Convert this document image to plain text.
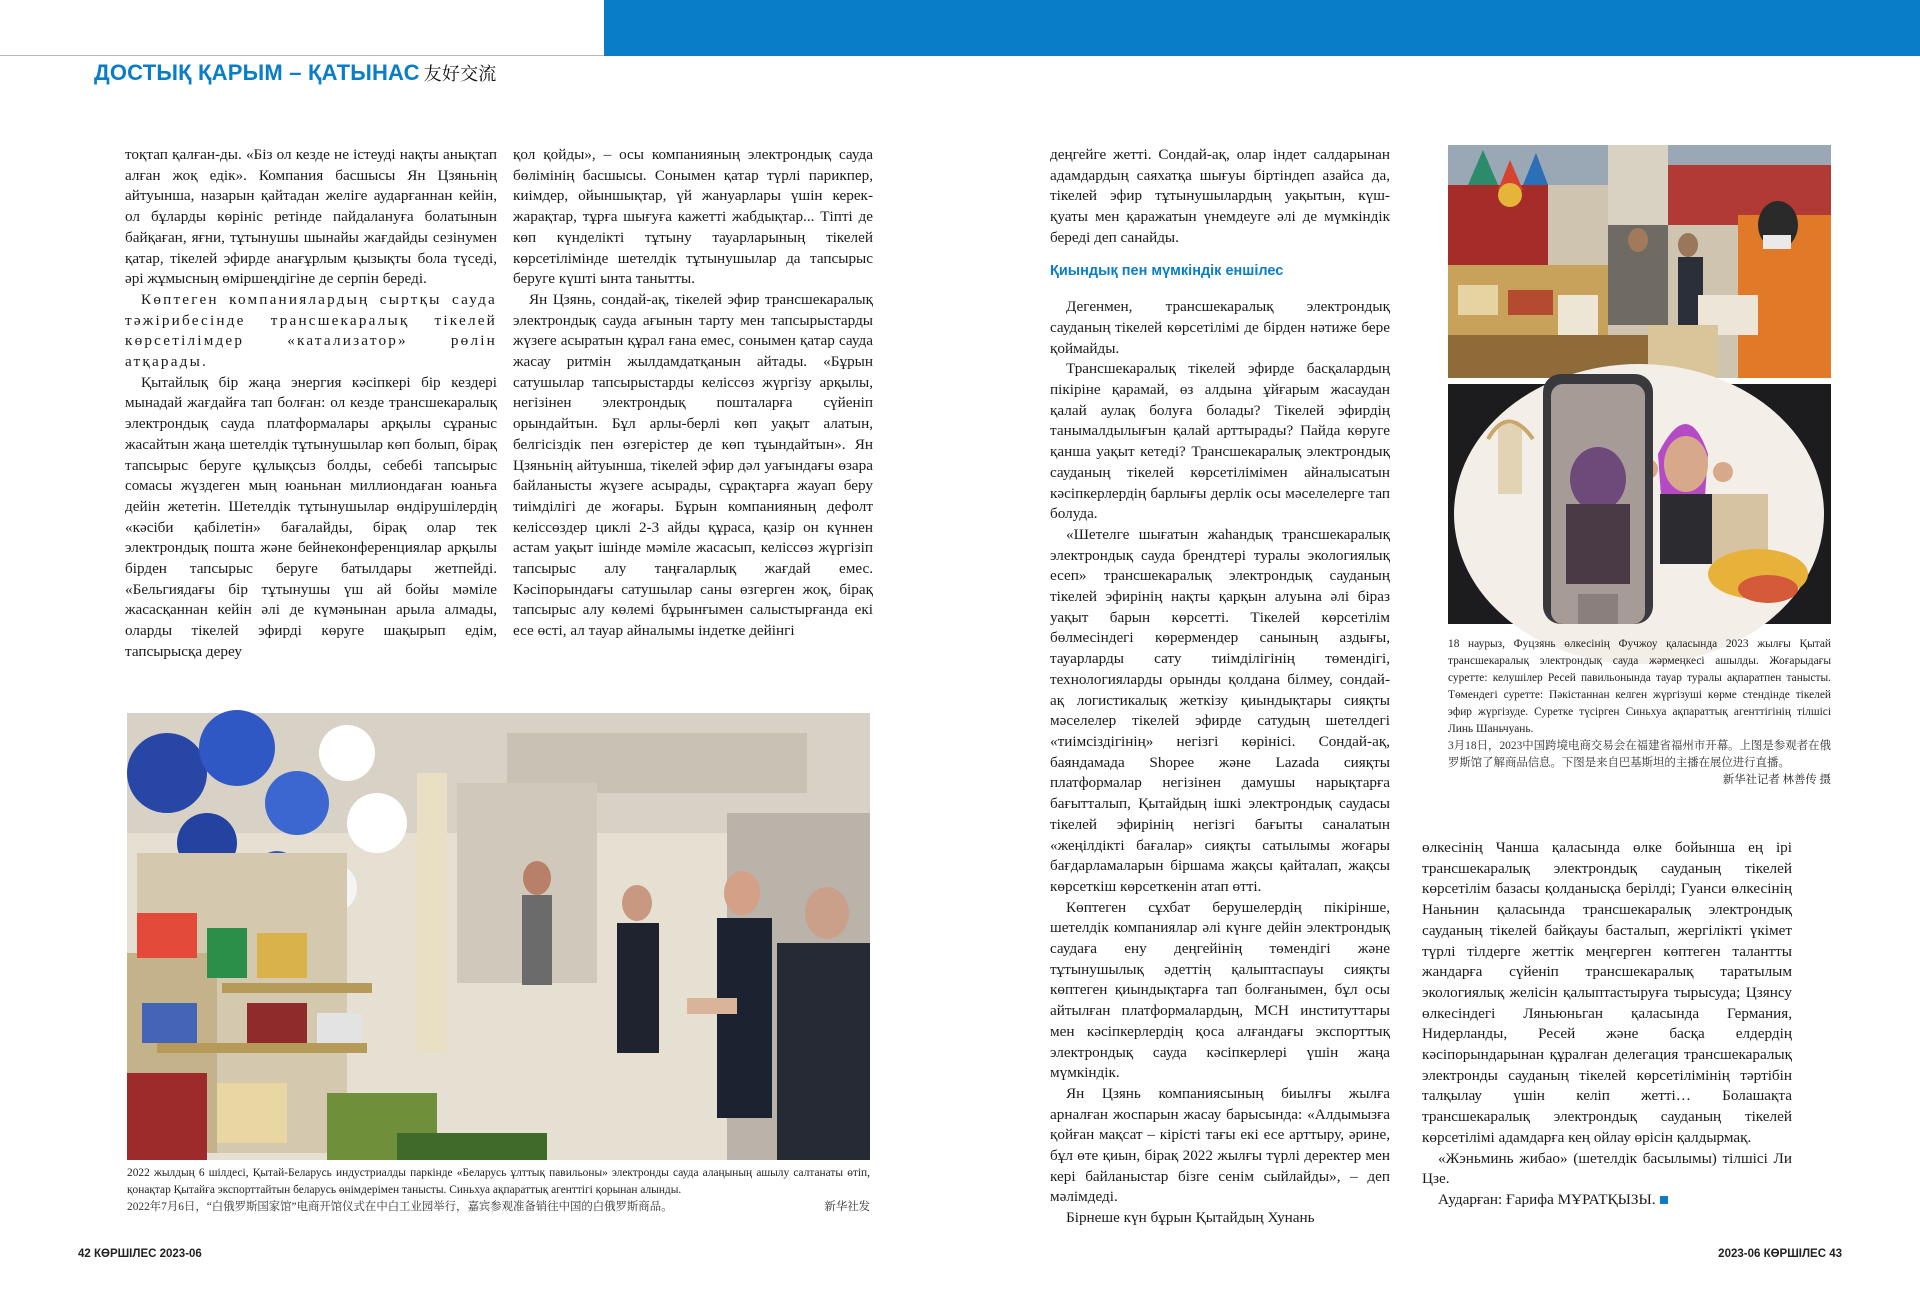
ДОСТЫҚ ҚАРЫМ – ҚАТЫНАС 友好交流

тоқтап қалған-ды. «Біз ол кезде не істеуді нақты анықтап алған жоқ едік». Компания басшысы Ян Цзяньнің айтуынша, назарын қайтадан желіге аударғаннан кейін, ол бұларды көрініс ретінде пайдалануға болатынын байқаған, яғни, тұтынушы шынайы жағдайды сезінумен қатар, тікелей эфирде анағұрлым қызықты бола түседі, әрі жұмысның өміршеңдігіне де серпін береді.

Көптеген компаниялардың сыртқы сауда тәжірибесінде трансшекаралық тікелей көрсетілімдер «катализатор» рөлін атқарады.

Қытайлық бір жаңа энергия кәсіпкері бір кездері мынадай жағдайға тап болған: ол кезде трансшекаралық электрондық сауда платформалары арқылы сұраныс жасайтын жаңа шетелдік тұтынушылар көп болып, бірақ тапсырыс беруге құлықсыз болды, себебі тапсырыс сомасы жүздеген мың юаньнан миллиондаған юаньға дейін жететін. Шетелдік тұтынушылар өндірушілердің «кәсіби қабілетін» бағалайды, бірақ олар тек электрондық пошта және бейнеконференциялар арқылы бірден тапсырыс беруге батылдары жетпейді. «Бельгиядағы бір тұтынушы үш ай бойы мәміле жасасқаннан кейін әлі де күмәнынан арыла алмады, оларды тікелей эфирді көруге шақырып едім, тапсырысқа дереу

қол қойды», – осы компанияның электрондық сауда бөлімінің басшысы. Сонымен қатар түрлі парикпер, киімдер, ойыншықтар, үй жануарлары үшін керек-жарақтар, тұрға шығуға кажетті жабдықтар... Тіпті де көп күнделікті тұтыну тауарларының тікелей көрсетілімінде шетелдік тұтынушылар да тапсырыс беруге күшті ынта танытты.

Ян Цзянь, сондай-ақ, тікелей эфир трансшекаралық электрондық сауда ағынын тарту мен тапсырыстарды жүзеге асыратын құрал ғана емес, сонымен қатар сауда жасау ритмін жылдамдатқанын айтады. «Бұрын сатушылар тапсырыстарды келіссөз жүргізу арқылы, негізінен электрондық пошталарға сүйеніп орындайтын. Бұл арлы-берлі көп уақыт алатын, белгісіздік пен өзгерістер де көп тұындайтын». Ян Цзяньнің айтуынша, тікелей эфир дәл уағындағы өзара байланысты жүзеге асырады, сұрақтарға жауап беру тиімділігі де жоғары. Бұрын компанияның дефолт келіссөздер циклі 2-3 айды құраса, қазір он күннен астам уақыт ішінде мәміле жасасып, келіссөз жүргізіп тапсырыс алу таңғаларлық жағдай емес. Кәсіпорындағы сатушылар саны өзгерген жоқ, бірақ тапсырыс алу көлемі бұрынғымен салыстырғанда екі есе өсті, ал тауар айналымы індетке дейінгі

2022 жылдың 6 шілдесі, Қытай-Беларусь индустриалды паркінде «Беларусь ұлттық павильоны» электронды сауда алаңының ашылу салтанаты өтіп, қонақтар Қытайға экспорттайтын беларусь өнімдерімен танысты. Синьхуа ақпараттық агенттігі қорынан алынды.
2022年7月6日，“白俄罗斯国家馆”电商开馆仪式在中白工业园举行，嘉宾参观准备销往中国的白俄罗斯商品。	新华社发

деңгейге жетті. Сондай-ақ, олар індет салдарынан адамдардың саяхатқа шығуы біртіндеп азайса да, тікелей эфир тұтынушылардың уақытын, күш-қуаты мен қаражатын үнемдеуге әлі де мүмкіндік береді деп санайды.

Қиындық пен мүмкіндік еншілес

Дегенмен, трансшекаралық электрондық сауданың тікелей көрсетілімі де бірден нәтиже бере қоймайды.

Трансшекаралық тікелей эфирде басқалардың пікіріне қарамай, өз алдына ұйғарым жасаудан қалай аулақ болуға болады? Тікелей эфирдің танымалдылығын қалай арттырады? Пайда көруге қанша уақыт кетеді? Трансшекаралық электрондық сауданың тікелей көрсетілімімен айналысатын кәсіпкерлердің барлығы дерлік осы мәселелерге тап болуда.

«Шетелге шығатын жаһандық трансшекаралық электрондық сауда брендтері туралы экологиялық есеп» трансшекаралық электрондық сауданың тікелей эфирінің нақты қарқын алуына әлі біраз уақыт барын көрсетті. Тікелей көрсетілім бөлмесіндегі көрермендер санының аздығы, тауарларды сату тиімділігінің төмендігі, технологияларды орынды қолдана білмеу, сондай-ақ логистикалық жеткізу қиындықтары сияқты мәселелер тікелей эфирде сатудың шетелдегі «тиімсіздігінің» негізгі көрінісі. Сондай-ақ, баяндамада Shopee және Lazada сияқты платформалар негізінен дамушы нарықтарға бағытталып, Қытайдың ішкі электрондық саудасы тікелей эфирінің негізгі бағыты саналатын «жеңілдікті бағалар» сияқты сатылымы жоғары бағдарламаларын біршама жақсы қайталап, жақсы көрсеткіш көрсеткенін атап өтті.

Көптеген сұхбат берушелердің пікірінше, шетелдік компаниялар әлі күнге дейін электрондық саудаға ену деңгейінің төмендігі және тұтынушылық әдеттің қалыптаспауы сияқты көптеген қиындықтарға тап болғанымен, бұл осы айтылған платформалардың, МСН институттары мен кәсіпкерлердің қоса алғандағы экспорттық электрондық сауда кәсіпкерлері үшін жаңа мүмкіндік.

Ян Цзянь компаниясының биылғы жылға арналған жоспарын жасау барысында: «Алдымызға қойған мақсат – кірісті тағы екі есе арттыру, әрине, бұл өте қиын, бірақ 2022 жылғы түрлі деректер мен кері байланыстар бізге сенім сыйлайды», – деп мәлімдеді.

Бірнеше күн бұрын Қытайдың Хунань

18 наурыз, Фуцзянь өлкесінің Фучжоу қаласында 2023 жылғы Қытай трансшекаралық электрондық сауда жәрмеңкесі ашылды. Жоғарыдағы суретте: келушілер Ресей павильонында тауар туралы ақпаратпен танысты. Төмендегі суретте: Пәкістаннан келген жүргізуші көрме стендінде тікелей эфир жүргізуде. Суретке түсірген Синьхуа ақпараттық агенттігінің тілшісі Линь Шаньчуань.
3月18日，2023中国跨境电商交易会在福建省福州市开幕。上图是参观者在俄罗斯馆了解商品信息。下图是来自巴基斯坦的主播在展位进行直播。
新华社记者 林善传 摄

өлкесінің Чанша қаласында өлке бойынша ең ірі трансшекаралық электрондық сауданың тікелей көрсетілім базасы қолданысқа берілді; Гуанси өлкесінің Наньнин қаласында трансшекаралық электрондық сауданың тікелей байқауы басталып, жергілікті үкімет түрлі тілдерге жеттік меңгерген көптеген талантты жандарға сүйеніп трансшекаралық таратылым экологиялық желісін қалыптастыруға тырысуда; Цзянсу өлкесіндегі Ляньюньган қаласында Германия, Нидерланды, Ресей және басқа елдердің кәсіпорындарынан құралған делегация трансшекаралық электронды сауданың тікелей көрсетілімінің тәртібін талқылау үшін келіп жетті… Болашақта трансшекаралық электрондық сауданың тікелей көрсетілімі адамдарға кең ойлау өрісін қалдырмақ.

«Жэньминь жибао» (шетелдік басылымы) тілшісі Ли Цзе.

Аударған: Ғарифа МҰРАТҚЫЗЫ.

42 КӨРШІЛЕС 2023-06	2023-06 КӨРШІЛЕС 43
